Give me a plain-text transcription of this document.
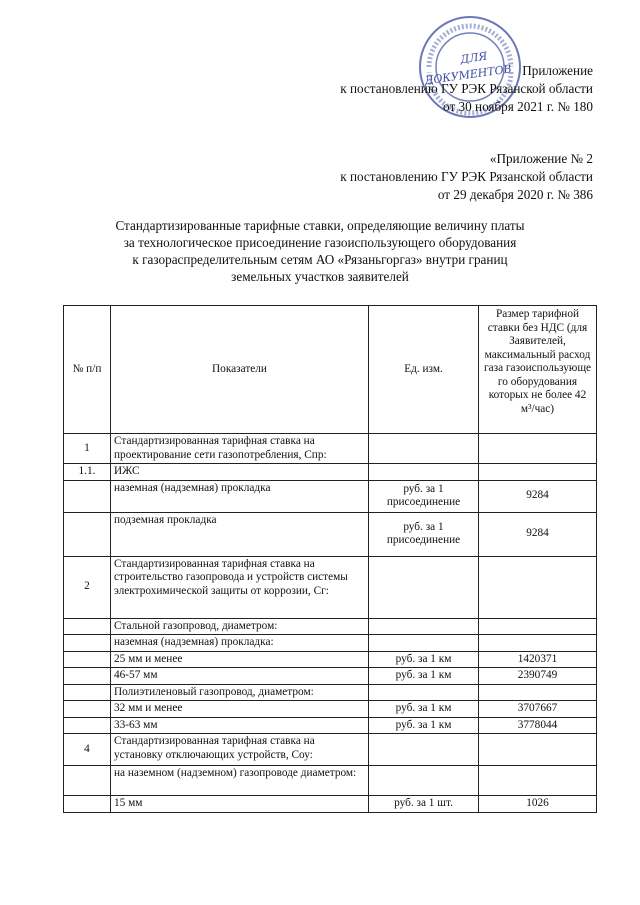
ДЛЯ
ДОКУМЕНТОВ Приложение
к постановлению ГУ РЭК Рязанской области
от 30 ноября 2021 г. № 180
«Приложение № 2
к постановлению ГУ РЭК Рязанской области
от 29 декабря 2020 г. № 386
Стандартизированные тарифные ставки, определяющие величину платы
за технологическое присоединение газоиспользующего оборудования
к газораспределительным сетям АО «Рязаньгоргаз» внутри границ
земельных участков заявителей
№ п/п	Показатели	Ед. изм.	Размер тарифной ставки без НДС (для Заявителей, максимальный расход газа газоиспользующе го оборудования которых не более 42 м³/час)
1	Стандартизированная тарифная ставка на проектирование сети газопотребления, Cпр:		
1.1.	ИЖС		
	наземная (надземная) прокладка	руб. за 1 присоединение	9284
	подземная прокладка	руб. за 1 присоединение	9284
2	Стандартизированная тарифная ставка на строительство газопровода и устройств системы электрохимической защиты от коррозии, Cг:		
	Стальной газопровод, диаметром:		
	наземная (надземная) прокладка:		
	25 мм и менее	руб. за 1 км	1420371
	46-57 мм	руб. за 1 км	2390749
	Полиэтиленовый газопровод, диаметром:		
	32 мм и менее	руб. за 1 км	3707667
	33-63 мм	руб. за 1 км	3778044
4	Стандартизированная тарифная ставка на установку отключающих устройств, Cоу:		
	на наземном (надземном) газопроводе диаметром:		
	15 мм	руб. за 1 шт.	1026
